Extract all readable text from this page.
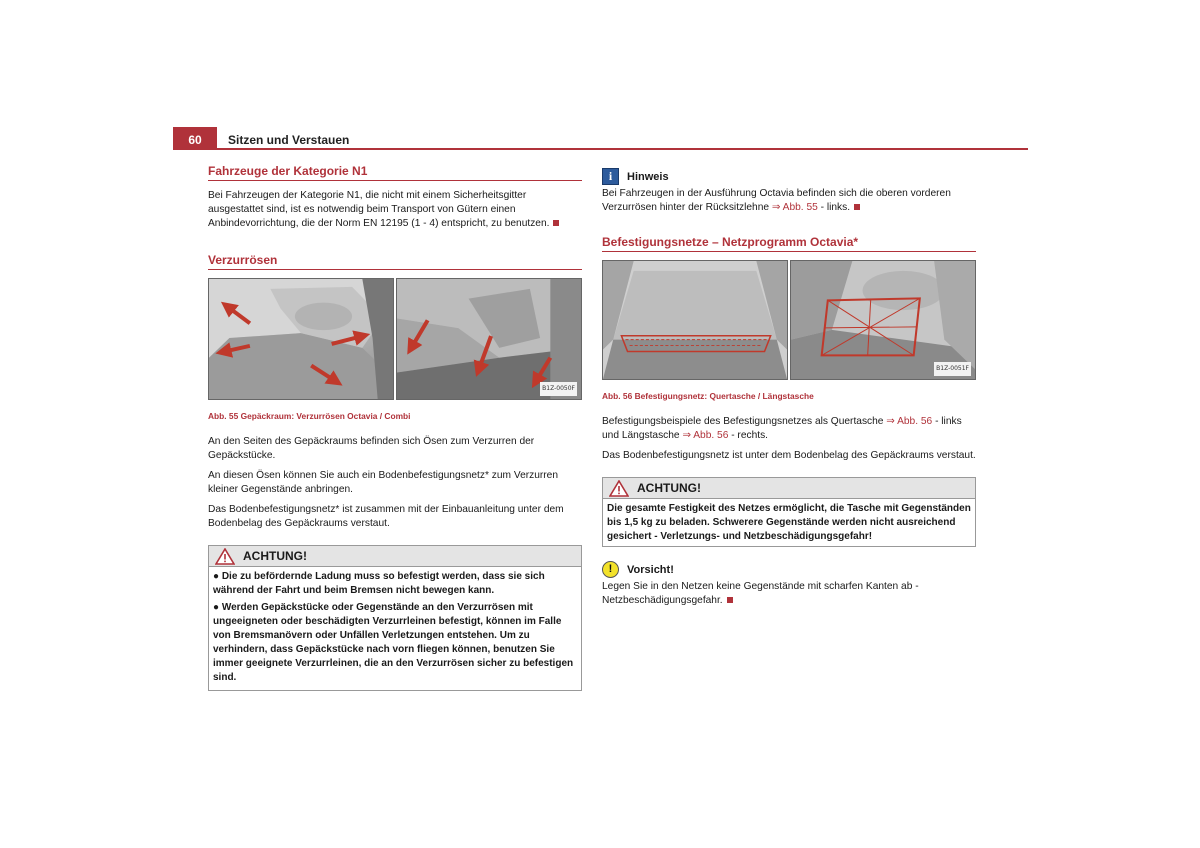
60	Sitzen und Verstauen
Fahrzeuge der Kategorie N1

Bei Fahrzeugen der Kategorie N1, die nicht mit einem Sicherheitsgitter ausgestattet sind, ist es notwendig beim Transport von Gütern einen Anbindevorrichtung, die der Norm EN 12195 (1 - 4) entspricht, zu benutzen.

Verzurrösen
B1Z-0050F
Abb. 55 Gepäckraum: Verzurrösen Octavia / Combi

An den Seiten des Gepäckraums befinden sich Ösen zum Verzurren der Gepäckstücke.

An diesen Ösen können Sie auch ein Bodenbefestigungsnetz* zum Verzurren kleiner Gegenstände anbringen.

Das Bodenbefestigungsnetz* ist zusammen mit der Einbauanleitung unter dem Bodenbelag des Gepäckraums verstaut.

ACHTUNG!
● Die zu befördernde Ladung muss so befestigt werden, dass sie sich während der Fahrt und beim Bremsen nicht bewegen kann.
● Werden Gepäckstücke oder Gegenstände an den Verzurrösen mit ungeeigneten oder beschädigten Verzurrleinen befestigt, können im Falle von Bremsmanövern oder Unfällen Verletzungen entstehen. Um zu verhindern, dass Gepäckstücke nach vorn fliegen können, benutzen Sie immer geeignete Verzurrleinen, die an den Verzurrösen sicher zu befestigen sind.
i	Hinweis

Bei Fahrzeugen in der Ausführung Octavia befinden sich die oberen vorderen Verzurrösen hinter der Rücksitzlehne ⇒ Abb. 55 - links.

Befestigungsnetze – Netzprogramm Octavia*
B1Z-0051F
Abb. 56 Befestigungsnetz: Quertasche / Längstasche

Befestigungsbeispiele des Befestigungsnetzes als Quertasche ⇒ Abb. 56 - links und Längstasche ⇒ Abb. 56 - rechts.

Das Bodenbefestigungsnetz ist unter dem Bodenbelag des Gepäckraums verstaut.

ACHTUNG!
Die gesamte Festigkeit des Netzes ermöglicht, die Tasche mit Gegenständen bis 1,5 kg zu beladen. Schwerere Gegenstände werden nicht ausreichend gesichert - Verletzungs- und Netzbeschädigungsgefahr!
!	Vorsicht!

Legen Sie in den Netzen keine Gegenstände mit scharfen Kanten ab - Netzbeschädigungsgefahr.
